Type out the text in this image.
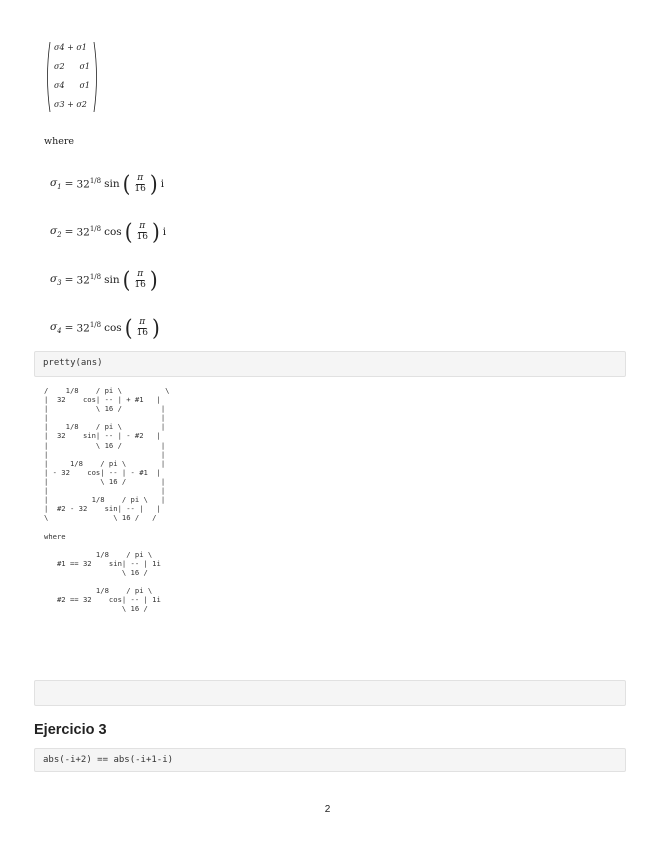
σ4 + σ1
σ2 σ1
σ4 σ1
σ3 + σ2
where
$\sigma_1 = 32^{1/8}$ sin ( $\frac{\pi}{16}$ ) i
$\sigma_2 = 32^{1/8}$ cos ( $\frac{\pi}{16}$ ) i
$\sigma_3 = 32^{1/8}$ sin ( $\frac{\pi}{16}$ )
$\sigma_4 = 32^{1/8}$ cos ( $\frac{\pi}{16}$ )
pretty(ans)
/    1/8    / pi \          \
|  32    cos| -- | + #1   |
|           \ 16 /         |
|                          |
|    1/8    / pi \         |
|  32    sin| -- | - #2   |
|           \ 16 /         |
|                          |
|     1/8    / pi \        |
| - 32    cos| -- | - #1  |
|            \ 16 /        |
|                          |
|          1/8    / pi \   |
|  #2 - 32    sin| -- |   |
\               \ 16 /   /

where

1/8    / pi \
#1 == 32    sin| -- | 1i
\ 16 /

1/8    / pi \
#2 == 32    cos| -- | 1i
\ 16 /
Ejercicio 3
abs(-i+2) == abs(-i+1-i)
2
